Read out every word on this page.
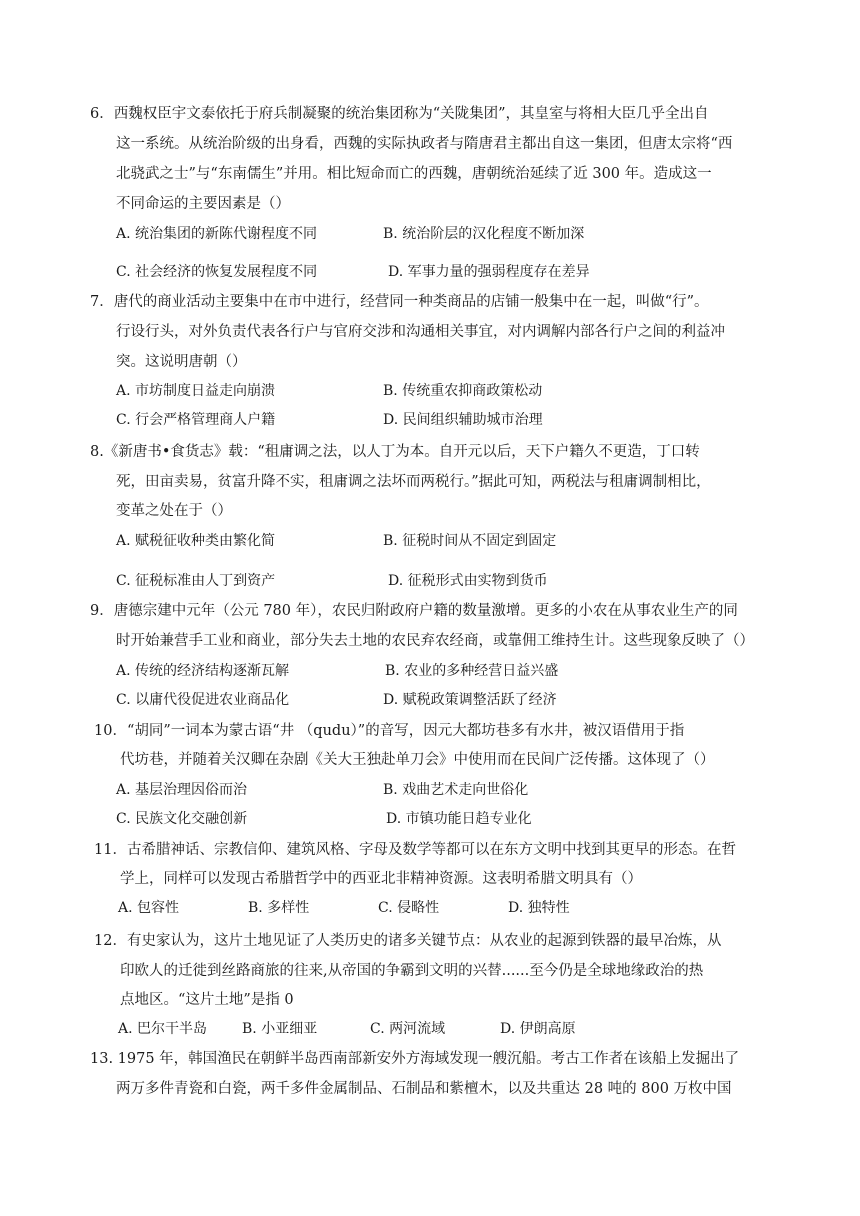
6．西魏权臣宇文泰依托于府兵制凝聚的统治集团称为“关陇集团”，其皇室与将相大臣几乎全出自
这一系统。从统治阶级的出身看，西魏的实际执政者与隋唐君主都出自这一集团，但唐太宗将“西
北骁武之士”与“东南儒生”并用。相比短命而亡的西魏，唐朝统治延续了近 300 年。造成这一
不同命运的主要因素是（）
A. 统治集团的新陈代谢程度不同	B. 统治阶层的汉化程度不断加深
C. 社会经济的恢复发展程度不同	D. 军事力量的强弱程度存在差异
7．唐代的商业活动主要集中在市中进行，经营同一种类商品的店铺一般集中在一起，叫做“行”。
行设行头，对外负责代表各行户与官府交涉和沟通相关事宜，对内调解内部各行户之间的利益冲
突。这说明唐朝（）
A. 市坊制度日益走向崩溃	B. 传统重农抑商政策松动
C. 行会严格管理商人户籍	D. 民间组织辅助城市治理
8.《新唐书•食货志》载：“租庸调之法，以人丁为本。自开元以后，天下户籍久不更造，丁口转
死，田亩卖易，贫富升降不实，租庸调之法坏而两税行。”据此可知，两税法与租庸调制相比，
变革之处在于（）
A. 赋税征收种类由繁化简	B. 征税时间从不固定到固定
C. 征税标准由人丁到资产	D. 征税形式由实物到货币
9．唐德宗建中元年（公元 780 年），农民归附政府户籍的数量激增。更多的小农在从事农业生产的同
时开始兼营手工业和商业，部分失去土地的农民弃农经商，或靠佣工维持生计。这些现象反映了（）
A. 传统的经济结构逐渐瓦解	B. 农业的多种经营日益兴盛
C. 以庸代役促进农业商品化	D. 赋税政策调整活跃了经济
10．“胡同”一词本为蒙古语“井 （qudu）”的音写，因元大都坊巷多有水井，被汉语借用于指
代坊巷，并随着关汉卿在杂剧《关大王独赴单刀会》中使用而在民间广泛传播。这体现了（）
A. 基层治理因俗而治	B. 戏曲艺术走向世俗化
C. 民族文化交融创新	D. 市镇功能日趋专业化
11．古希腊神话、宗教信仰、建筑风格、字母及数学等都可以在东方文明中找到其更早的形态。在哲
学上，同样可以发现古希腊哲学中的西亚北非精神资源。这表明希腊文明具有（）
A. 包容性	B. 多样性	C. 侵略性	D. 独特性
12．有史家认为，这片土地见证了人类历史的诸多关键节点：从农业的起源到铁器的最早冶炼，从
印欧人的迁徙到丝路商旅的往来,从帝国的争霸到文明的兴替......至今仍是全球地缘政治的热
点地区。“这片土地”是指 0
A. 巴尔干半岛 B. 小亚细亚	C. 两河流域	D. 伊朗高原
13. 1975 年，韩国渔民在朝鲜半岛西南部新安外方海域发现一艘沉船。考古工作者在该船上发掘出了
两万多件青瓷和白瓷，两千多件金属制品、石制品和紫檀木，以及共重达 28 吨的 800 万枚中国
